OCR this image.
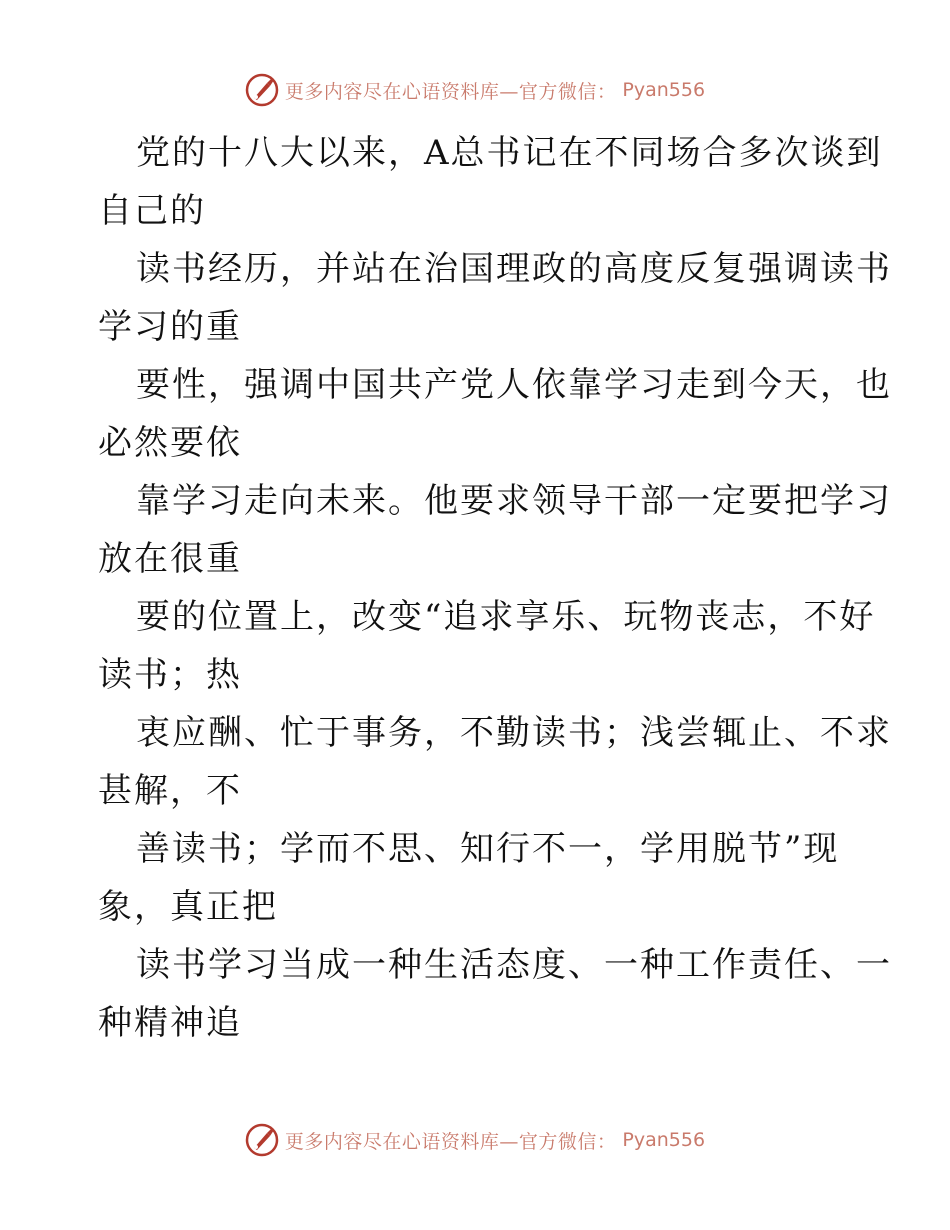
更多内容尽在心语资料库—官方微信： Pyan556
党的十八大以来，A总书记在不同场合多次谈到
自己的
读书经历，并站在治国理政的高度反复强调读书
学习的重
要性，强调中国共产党人依靠学习走到今天，也
必然要依
靠学习走向未来。他要求领导干部一定要把学习
放在很重
要的位置上，改变“追求享乐、玩物丧志，不好
读书；热
衷应酬、忙于事务，不勤读书；浅尝辄止、不求
甚解，不
善读书；学而不思、知行不一，学用脱节”现
象，真正把
读书学习当成一种生活态度、一种工作责任、一
种精神追
更多内容尽在心语资料库—官方微信： Pyan556
